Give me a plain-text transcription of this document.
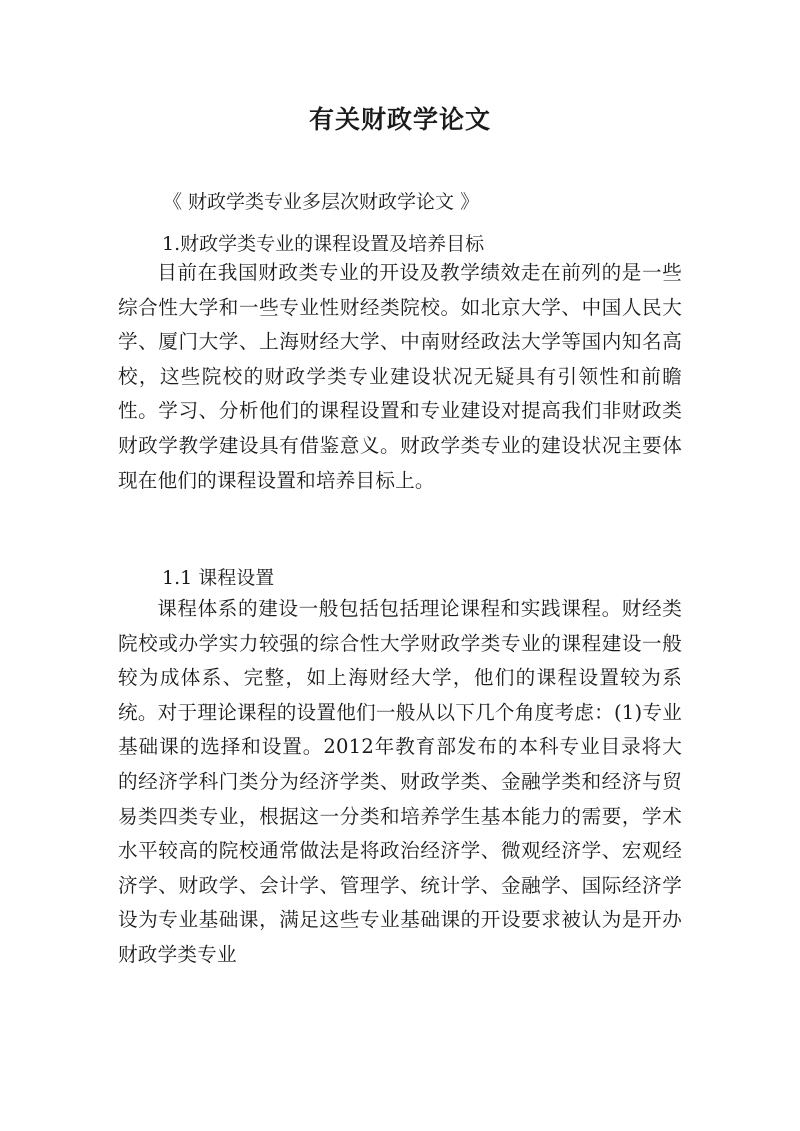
有关财政学论文
《 财政学类专业多层次财政学论文 》
1.财政学类专业的课程设置及培养目标

目前在我国财政类专业的开设及教学绩效走在前列的是一些综合性大学和一些专业性财经类院校。如北京大学、中国人民大学、厦门大学、上海财经大学、中南财经政法大学等国内知名高校，这些院校的财政学类专业建设状况无疑具有引领性和前瞻性。学习、分析他们的课程设置和专业建设对提高我们非财政类财政学教学建设具有借鉴意义。财政学类专业的建设状况主要体现在他们的课程设置和培养目标上。

1.1 课程设置

课程体系的建设一般包括包括理论课程和实践课程。财经类院校或办学实力较强的综合性大学财政学类专业的课程建设一般较为成体系、完整，如上海财经大学，他们的课程设置较为系统。对于理论课程的设置他们一般从以下几个角度考虑：(1)专业基础课的选择和设置。2012年教育部发布的本科专业目录将大的经济学科门类分为经济学类、财政学类、金融学类和经济与贸易类四类专业，根据这一分类和培养学生基本能力的需要，学术水平较高的院校通常做法是将政治经济学、微观经济学、宏观经济学、财政学、会计学、管理学、统计学、金融学、国际经济学设为专业基础课，满足这些专业基础课的开设要求被认为是开办财政学类专业
